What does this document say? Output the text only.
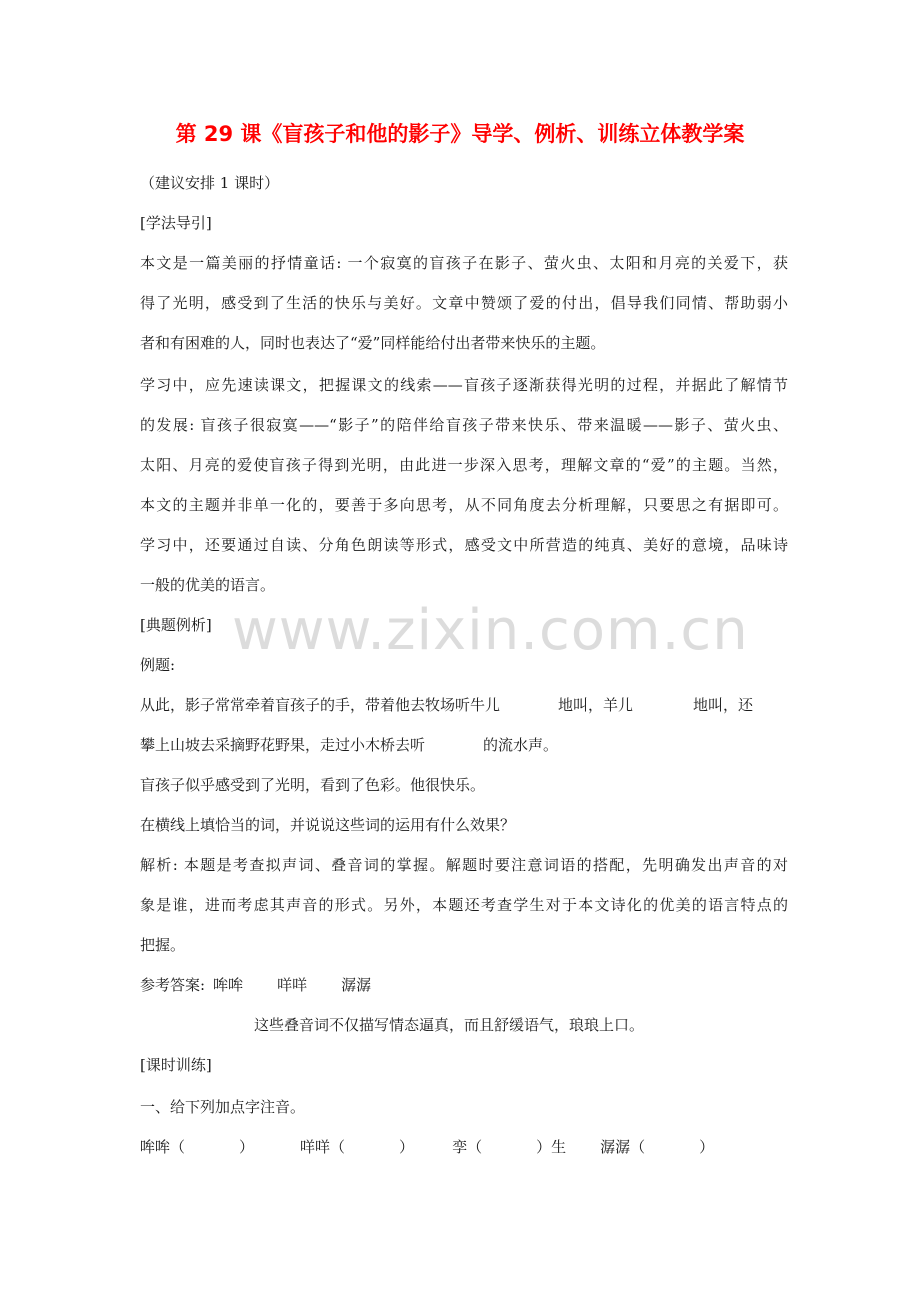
第 29 课《盲孩子和他的影子》导学、例析、训练立体教学案
（建议安排 1 课时）
[学法导引]
本文是一篇美丽的抒情童话: 一个寂寞的盲孩子在影子、萤火虫、太阳和月亮的关爱下，获
得了光明，感受到了生活的快乐与美好。文章中赞颂了爱的付出，倡导我们同情、帮助弱小
者和有困难的人，同时也表达了“爱”同样能给付出者带来快乐的主题。
学习中，应先速读课文，把握课文的线索——盲孩子逐渐获得光明的过程，并据此了解情节
的发展: 盲孩子很寂寞——“影子”的陪伴给盲孩子带来快乐、带来温暖——影子、萤火虫、
太阳、月亮的爱使盲孩子得到光明，由此进一步深入思考，理解文章的“爱”的主题。当然，
本文的主题并非单一化的，要善于多向思考，从不同角度去分析理解，只要思之有据即可。
学习中，还要通过自读、分角色朗读等形式，感受文中所营造的纯真、美好的意境，品味诗
一般的优美的语言。
www.zixin.com.cn
[典题例析]
例题:
从此，影子常常牵着盲孩子的手，带着他去牧场听牛儿	地叫，羊儿	地叫，还
攀上山坡去采摘野花野果，走过小木桥去听	的流水声。
盲孩子似乎感受到了光明，看到了色彩。他很快乐。
在横线上填恰当的词，并说说这些词的运用有什么效果？
解析: 本题是考查拟声词、叠音词的掌握。解题时要注意词语的搭配，先明确发出声音的对
象是谁，进而考虑其声音的形式。另外，本题还考查学生对于本文诗化的优美的语言特点的
把握。
参考答案: 哞哞 咩咩 潺潺
这些叠音词不仅描写情态逼真，而且舒缓语气，琅琅上口。
[课时训练]
一、给下列加点字注音。
哞哞（	）	咩咩（	）	孪（	）生 潺潺（	）
